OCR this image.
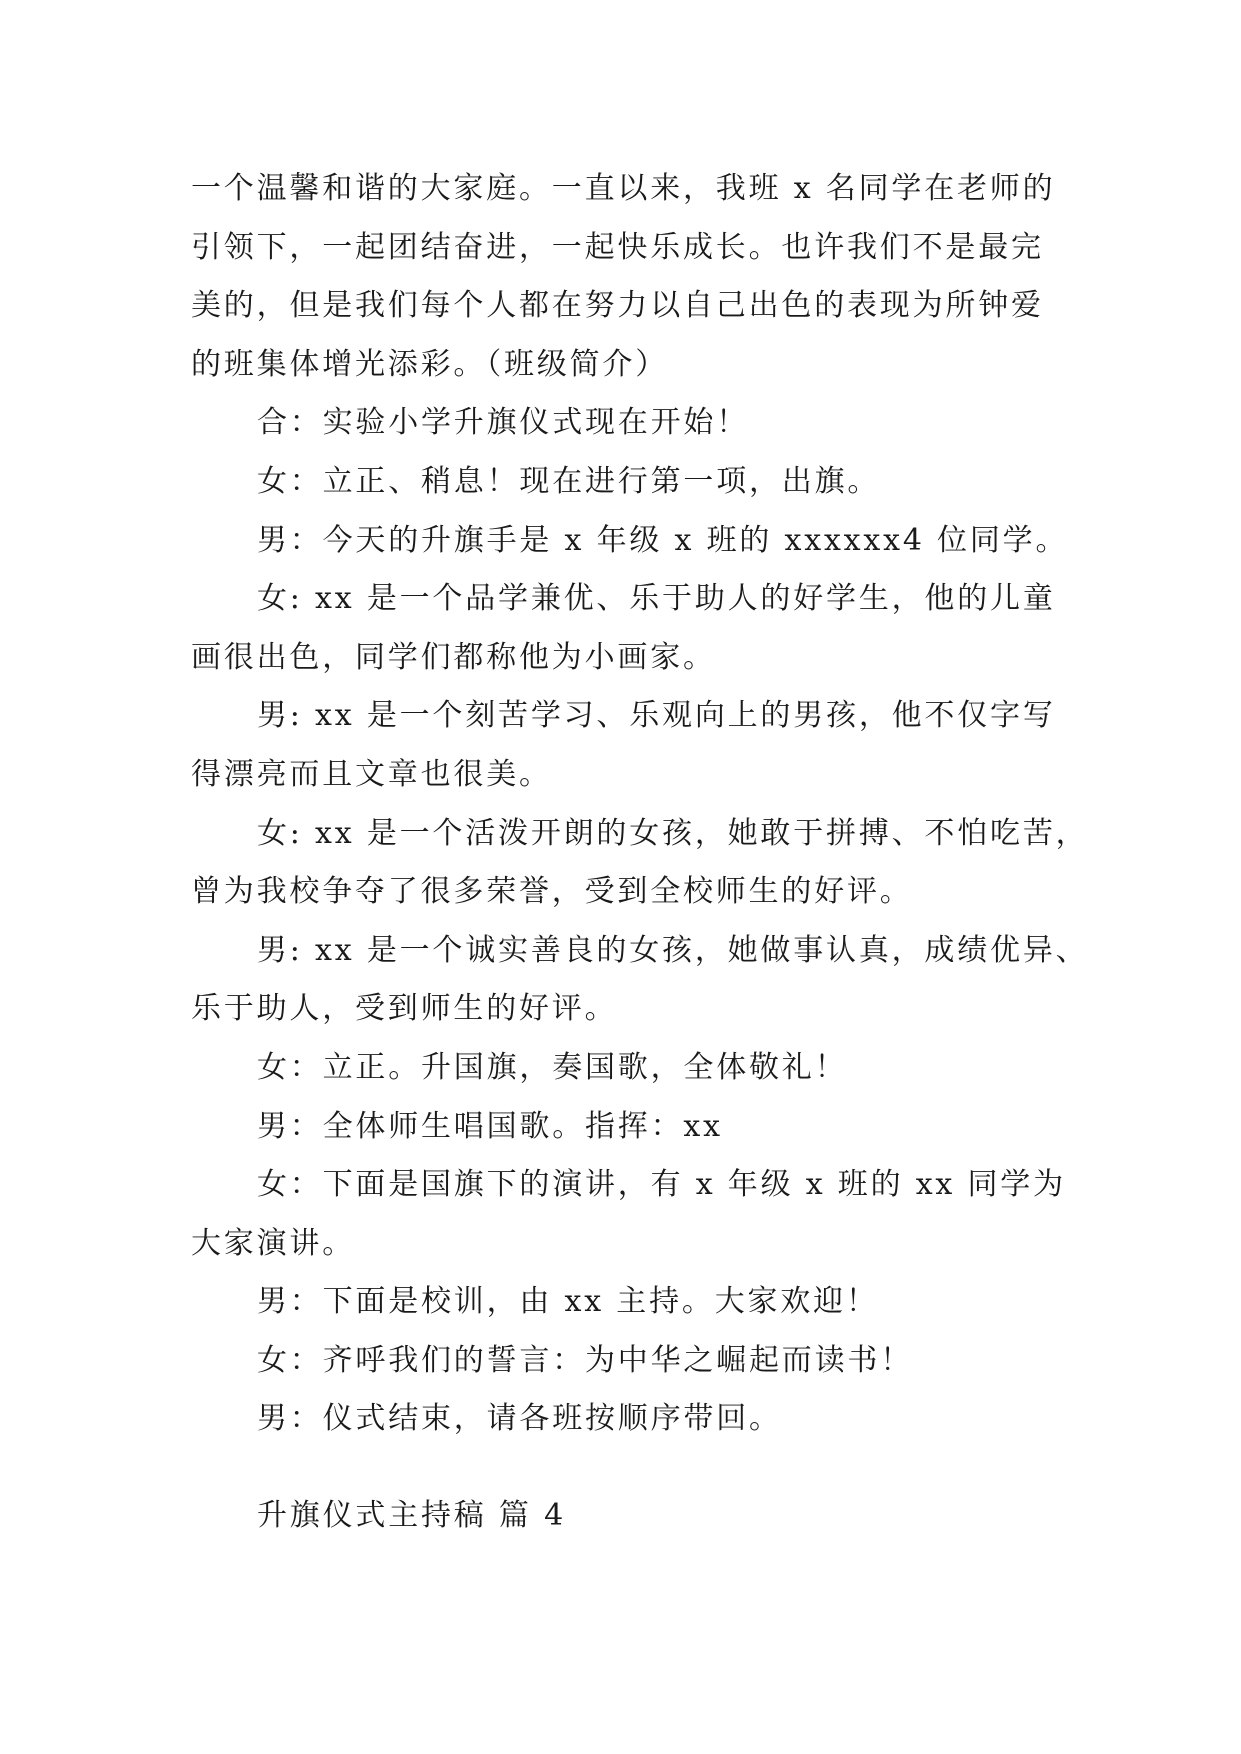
一个温馨和谐的大家庭。一直以来，我班 x 名同学在老师的

引领下，一起团结奋进，一起快乐成长。也许我们不是最完

美的，但是我们每个人都在努力以自己出色的表现为所钟爱

的班集体增光添彩。（班级简介）

合：实验小学升旗仪式现在开始！

女：立正、稍息！现在进行第一项，出旗。

男：今天的升旗手是 x 年级 x 班的 xxxxxx4 位同学。

女: xx 是一个品学兼优、乐于助人的好学生，他的儿童

画很出色，同学们都称他为小画家。

男: xx 是一个刻苦学习、乐观向上的男孩，他不仅字写

得漂亮而且文章也很美。

女: xx 是一个活泼开朗的女孩，她敢于拼搏、不怕吃苦，

曾为我校争夺了很多荣誉，受到全校师生的好评。

男: xx 是一个诚实善良的女孩，她做事认真，成绩优异、

乐于助人，受到师生的好评。

女：立正。升国旗，奏国歌，全体敬礼！

男：全体师生唱国歌。指挥：xx

女：下面是国旗下的演讲，有 x 年级 x 班的 xx 同学为

大家演讲。

男：下面是校训，由 xx 主持。大家欢迎！

女：齐呼我们的誓言：为中华之崛起而读书！

男：仪式结束，请各班按顺序带回。

升旗仪式主持稿 篇 4
